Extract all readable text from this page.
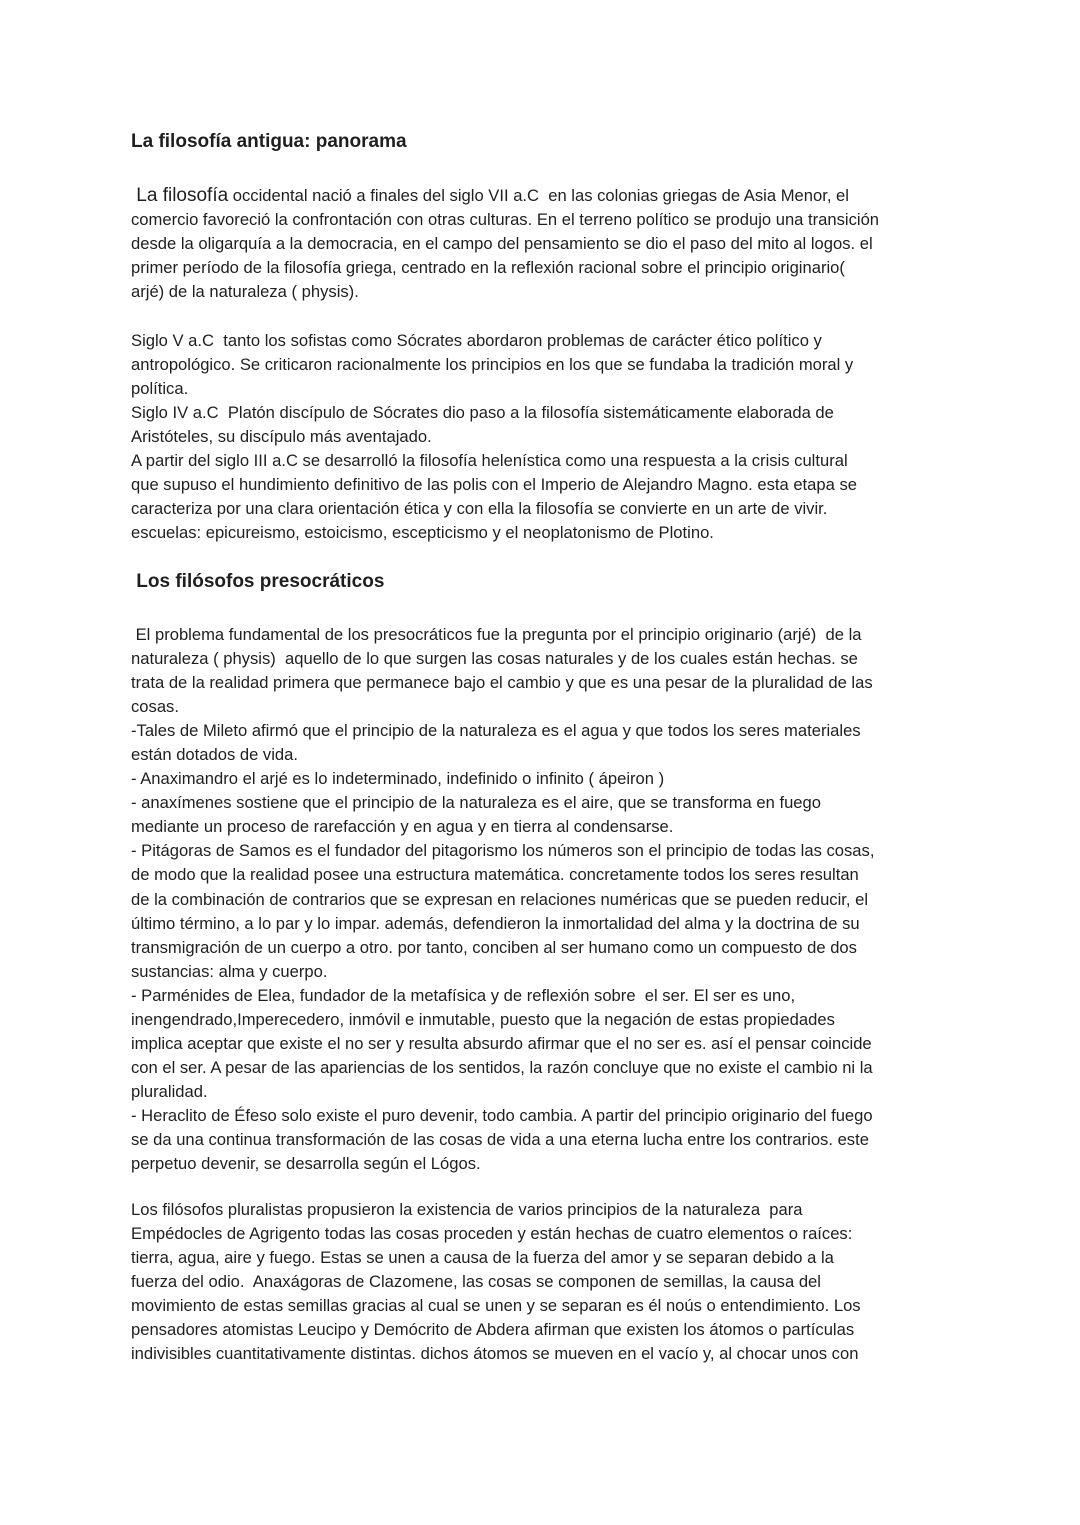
La filosofía antigua: panorama
La filosofía occidental nació a finales del siglo VII a.C  en las colonias griegas de Asia Menor, el
comercio favoreció la confrontación con otras culturas. En el terreno político se produjo una transición
desde la oligarquía a la democracia, en el campo del pensamiento se dio el paso del mito al logos. el
primer período de la filosofía griega, centrado en la reflexión racional sobre el principio originario(
arjé) de la naturaleza ( physis).
Siglo V a.C  tanto los sofistas como Sócrates abordaron problemas de carácter ético político y
antropológico. Se criticaron racionalmente los principios en los que se fundaba la tradición moral y
política.
Siglo IV a.C  Platón discípulo de Sócrates dio paso a la filosofía sistemáticamente elaborada de
Aristóteles, su discípulo más aventajado.
A partir del siglo III a.C se desarrolló la filosofía helenística como una respuesta a la crisis cultural
que supuso el hundimiento definitivo de las polis con el Imperio de Alejandro Magno. esta etapa se
caracteriza por una clara orientación ética y con ella la filosofía se convierte en un arte de vivir.
escuelas: epicureismo, estoicismo, escepticismo y el neoplatonismo de Plotino.
Los filósofos presocráticos
El problema fundamental de los presocráticos fue la pregunta por el principio originario (arjé)  de la
naturaleza ( physis)  aquello de lo que surgen las cosas naturales y de los cuales están hechas. se
trata de la realidad primera que permanece bajo el cambio y que es una pesar de la pluralidad de las
cosas.
-Tales de Mileto afirmó que el principio de la naturaleza es el agua y que todos los seres materiales
están dotados de vida.
- Anaximandro el arjé es lo indeterminado, indefinido o infinito ( ápeiron )
- anaxímenes sostiene que el principio de la naturaleza es el aire, que se transforma en fuego
mediante un proceso de rarefacción y en agua y en tierra al condensarse.
- Pitágoras de Samos es el fundador del pitagorismo los números son el principio de todas las cosas,
de modo que la realidad posee una estructura matemática. concretamente todos los seres resultan
de la combinación de contrarios que se expresan en relaciones numéricas que se pueden reducir, el
último término, a lo par y lo impar. además, defendieron la inmortalidad del alma y la doctrina de su
transmigración de un cuerpo a otro. por tanto, conciben al ser humano como un compuesto de dos
sustancias: alma y cuerpo.
- Parménides de Elea, fundador de la metafísica y de reflexión sobre  el ser. El ser es uno,
inengendrado,Imperecedero, inmóvil e inmutable, puesto que la negación de estas propiedades
implica aceptar que existe el no ser y resulta absurdo afirmar que el no ser es. así el pensar coincide
con el ser. A pesar de las apariencias de los sentidos, la razón concluye que no existe el cambio ni la
pluralidad.
- Heraclito de Éfeso solo existe el puro devenir, todo cambia. A partir del principio originario del fuego
se da una continua transformación de las cosas de vida a una eterna lucha entre los contrarios. este
perpetuo devenir, se desarrolla según el Lógos.
Los filósofos pluralistas propusieron la existencia de varios principios de la naturaleza  para
Empédocles de Agrigento todas las cosas proceden y están hechas de cuatro elementos o raíces:
tierra, agua, aire y fuego. Estas se unen a causa de la fuerza del amor y se separan debido a la
fuerza del odio.  Anaxágoras de Clazomene, las cosas se componen de semillas, la causa del
movimiento de estas semillas gracias al cual se unen y se separan es él noús o entendimiento. Los
pensadores atomistas Leucipo y Demócrito de Abdera afirman que existen los átomos o partículas
indivisibles cuantitativamente distintas. dichos átomos se mueven en el vacío y, al chocar unos con
